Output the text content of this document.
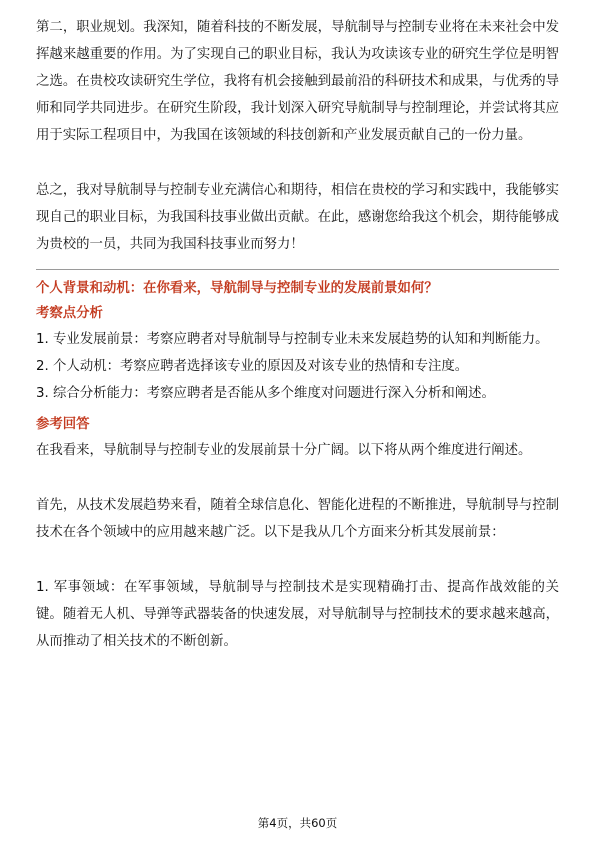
第二，职业规划。我深知，随着科技的不断发展，导航制导与控制专业将在未来社会中发挥越来越重要的作用。为了实现自己的职业目标，我认为攻读该专业的研究生学位是明智之选。在贵校攻读研究生学位，我将有机会接触到最前沿的科研技术和成果，与优秀的导师和同学共同进步。在研究生阶段，我计划深入研究导航制导与控制理论，并尝试将其应用于实际工程项目中，为我国在该领域的科技创新和产业发展贡献自己的一份力量。

总之，我对导航制导与控制专业充满信心和期待，相信在贵校的学习和实践中，我能够实现自己的职业目标，为我国科技事业做出贡献。在此，感谢您给我这个机会，期待能够成为贵校的一员，共同为我国科技事业而努力！

个人背景和动机：在你看来，导航制导与控制专业的发展前景如何？
考察点分析

1. 专业发展前景：考察应聘者对导航制导与控制专业未来发展趋势的认知和判断能力。

2. 个人动机：考察应聘者选择该专业的原因及对该专业的热情和专注度。

3. 综合分析能力：考察应聘者是否能从多个维度对问题进行深入分析和阐述。

参考回答

在我看来，导航制导与控制专业的发展前景十分广阔。以下将从两个维度进行阐述。

首先，从技术发展趋势来看，随着全球信息化、智能化进程的不断推进，导航制导与控制技术在各个领域中的应用越来越广泛。以下是我从几个方面来分析其发展前景：

1. 军事领域：在军事领域，导航制导与控制技术是实现精确打击、提高作战效能的关键。随着无人机、导弹等武器装备的快速发展，对导航制导与控制技术的要求越来越高，从而推动了相关技术的不断创新。

第4页，共60页
